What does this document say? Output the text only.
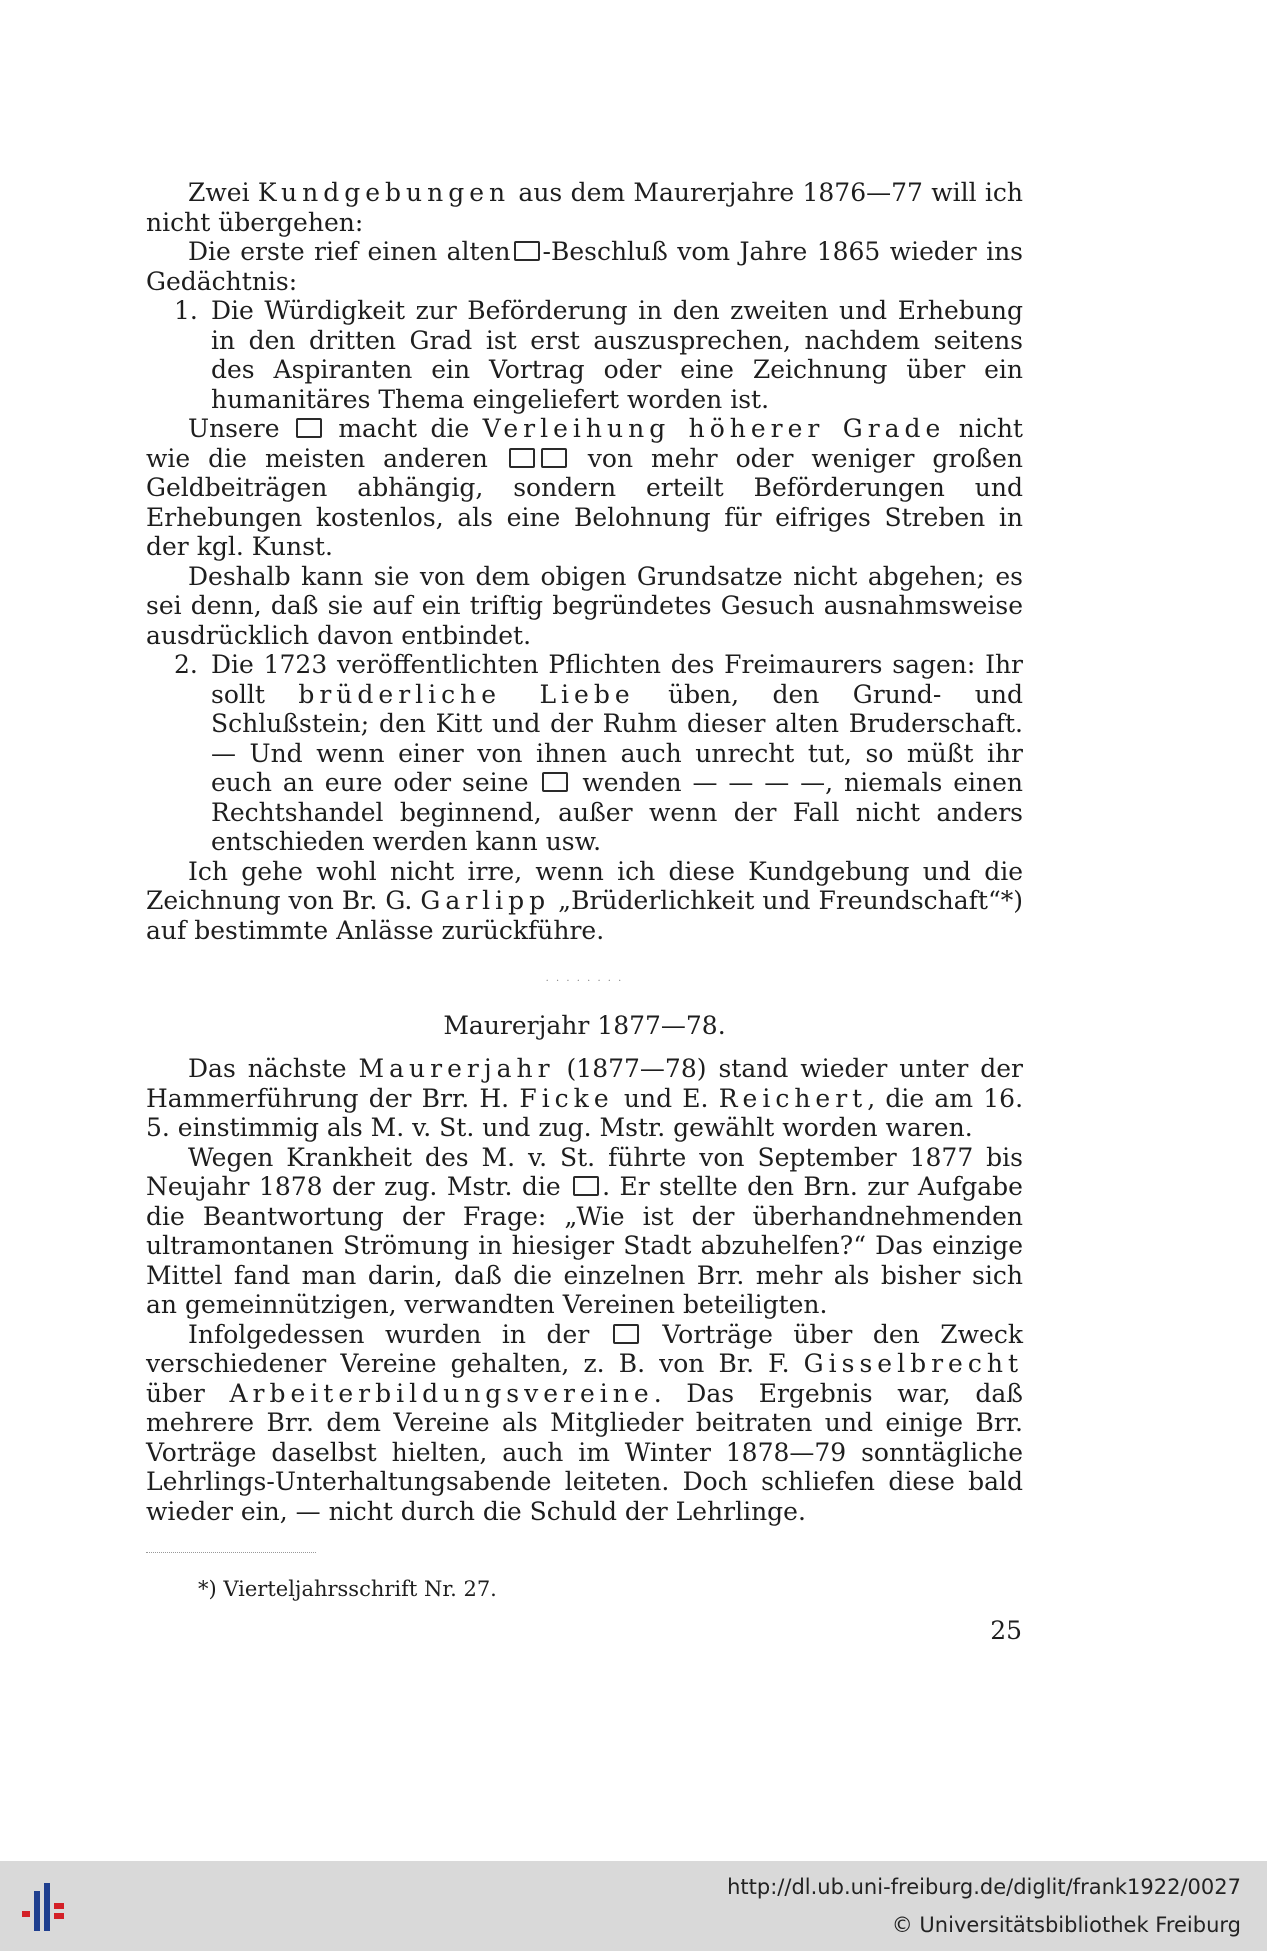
Zwei Kundgebungen aus dem Maurerjahre 1876—77 will ich nicht übergehen:

Die erste rief einen alten -Beschluß vom Jahre 1865 wieder ins Gedächtnis:

1. Die Würdigkeit zur Beförderung in den zweiten und Erhebung in den dritten Grad ist erst auszusprechen, nachdem seitens des Aspiranten ein Vortrag oder eine Zeichnung über ein humanitäres Thema eingeliefert worden ist.

Unsere  macht die Verleihung höherer Grade nicht wie die meisten anderen	von mehr oder weniger großen Geldbeiträgen abhängig, sondern erteilt Beförderungen und Erhebungen kostenlos, als eine Belohnung für eifriges Streben in der kgl. Kunst.

Deshalb kann sie von dem obigen Grundsatze nicht abgehen; es sei denn, daß sie auf ein triftig begründetes Gesuch ausnahmsweise ausdrücklich davon entbindet.

2. Die 1723 veröffentlichten Pflichten des Freimaurers sagen: Ihr sollt brüderliche Liebe üben, den Grund- und Schlußstein; den Kitt und der Ruhm dieser alten Bruderschaft. — Und wenn einer von ihnen auch unrecht tut, so müßt ihr euch an eure oder seine  wenden — — — —, niemals einen Rechtshandel beginnend, außer wenn der Fall nicht anders entschieden werden kann usw.

Ich gehe wohl nicht irre, wenn ich diese Kundgebung und die Zeichnung von Br. G. Garlipp „Brüderlichkeit und Freundschaft“*) auf bestimmte Anlässe zurückführe.

· · · · · · · ·

Maurerjahr 1877—78.

Das nächste Maurerjahr (1877—78) stand wieder unter der Hammerführung der Brr. H. Ficke und E. Reichert, die am 16. 5. einstimmig als M. v. St. und zug. Mstr. gewählt worden waren.

Wegen Krankheit des M. v. St. führte von September 1877 bis Neujahr 1878 der zug. Mstr. die . Er stellte den Brn. zur Aufgabe die Beantwortung der Frage: „Wie ist der überhandnehmenden ultramontanen Strömung in hiesiger Stadt abzuhelfen?“ Das einzige Mittel fand man darin, daß die einzelnen Brr. mehr als bisher sich an gemeinnützigen, verwandten Vereinen beteiligten.

Infolgedessen wurden in der  Vorträge über den Zweck verschiedener Vereine gehalten, z. B. von Br. F. Gisselbrecht über Arbeiterbildungsvereine. Das Ergebnis war, daß mehrere Brr. dem Vereine als Mitglieder beitraten und einige Brr. Vorträge daselbst hielten, auch im Winter 1878—79 sonntägliche Lehrlings-Unterhaltungsabende leiteten. Doch schliefen diese bald wieder ein, — nicht durch die Schuld der Lehrlinge.

*) Vierteljahrsschrift Nr. 27.

25
http://dl.ub.uni-freiburg.de/diglit/frank1922/0027
© Universitätsbibliothek Freiburg
